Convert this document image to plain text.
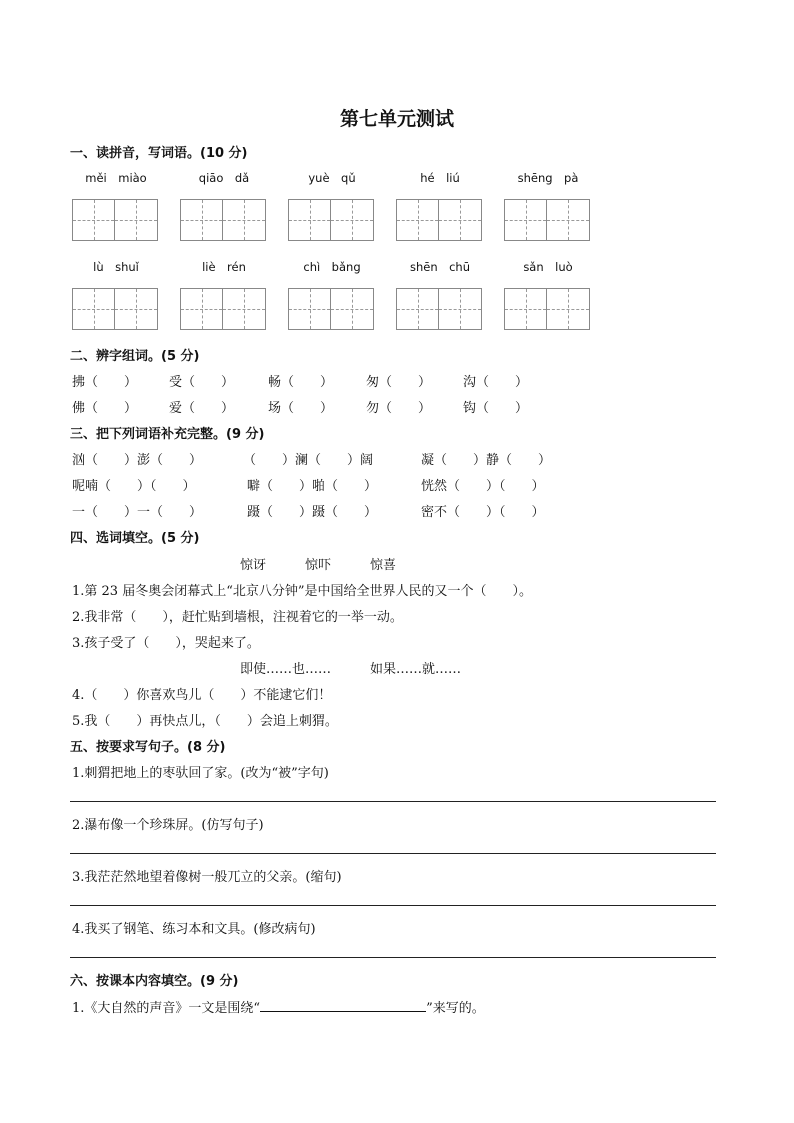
第七单元测试
一、读拼音，写词语。(10 分)
měi　miào	qiāo　dǎ	yuè　qǔ	hé　liú	shēng　pà
lù　shuǐ	liè　rén	chì　bǎng	shēn　chū	sǎn　luò
二、辨字组词。(5 分)
拂（　　） 受（　　）	畅（　　）	匆（　　） 沟（　　）
佛（　　） 爱（　　）	场（　　）	勿（　　） 钩（　　）
三、把下列词语补充完整。(9 分)
汹（　　）澎（　　）	（　　）澜（　　）阔	凝（　　）静（　　）
呢喃（　　）（　　）	噼（　　）啪（　　）	恍然（　　）（　　）
一（　　）一（　　）	蹑（　　）蹑（　　）	密不（　　）（　　）
四、选词填空。(5 分)
惊讶　　　惊吓　　　惊喜
1.第 23 届冬奥会闭幕式上“北京八分钟”是中国给全世界人民的又一个（　　）。
2.我非常（　　），赶忙贴到墙根，注视着它的一举一动。
3.孩子受了（　　），哭起来了。
即使……也……　　　如果……就……
4.（　　）你喜欢鸟儿（　　）不能逮它们！
5.我（　　）再快点儿，（　　）会追上刺猬。
五、按要求写句子。(8 分)
1.刺猬把地上的枣驮回了家。(改为“被”字句)
2.瀑布像一个珍珠屏。(仿写句子)
3.我茫茫然地望着像树一般兀立的父亲。(缩句)
4.我买了钢笔、练习本和文具。(修改病句)
六、按课本内容填空。(9 分)
1.《大自然的声音》一文是围绕“	”来写的。
